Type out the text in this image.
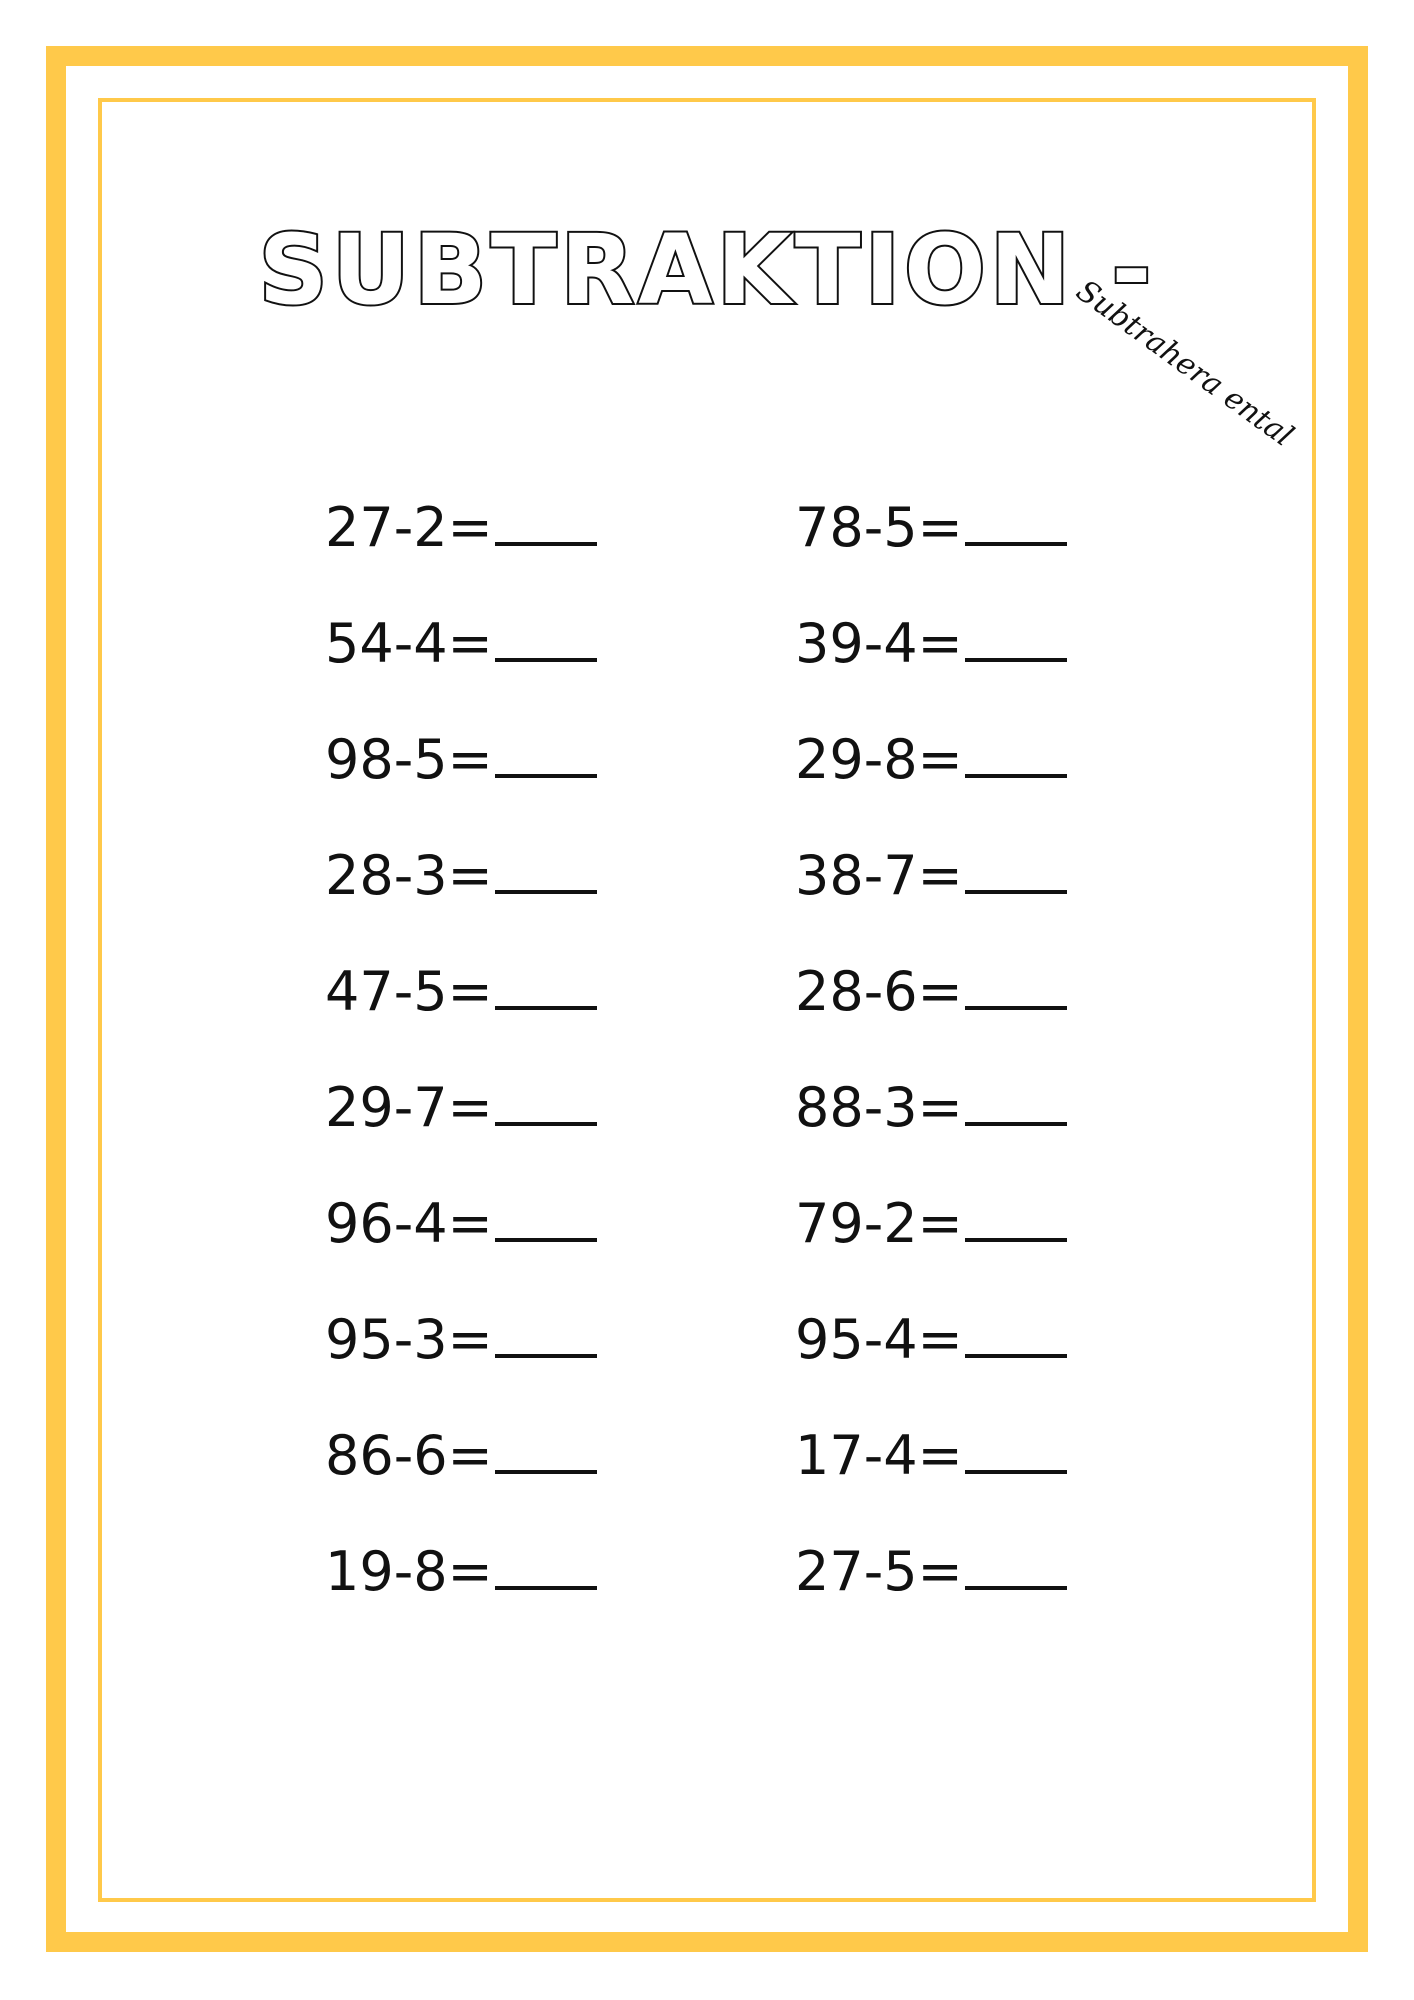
SUBTRAKTION -
Subtrahera ental
27-2=
54-4=
98-5=
28-3=
47-5=
29-7=
96-4=
95-3=
86-6=
19-8=
78-5=
39-4=
29-8=
38-7=
28-6=
88-3=
79-2=
95-4=
17-4=
27-5=
